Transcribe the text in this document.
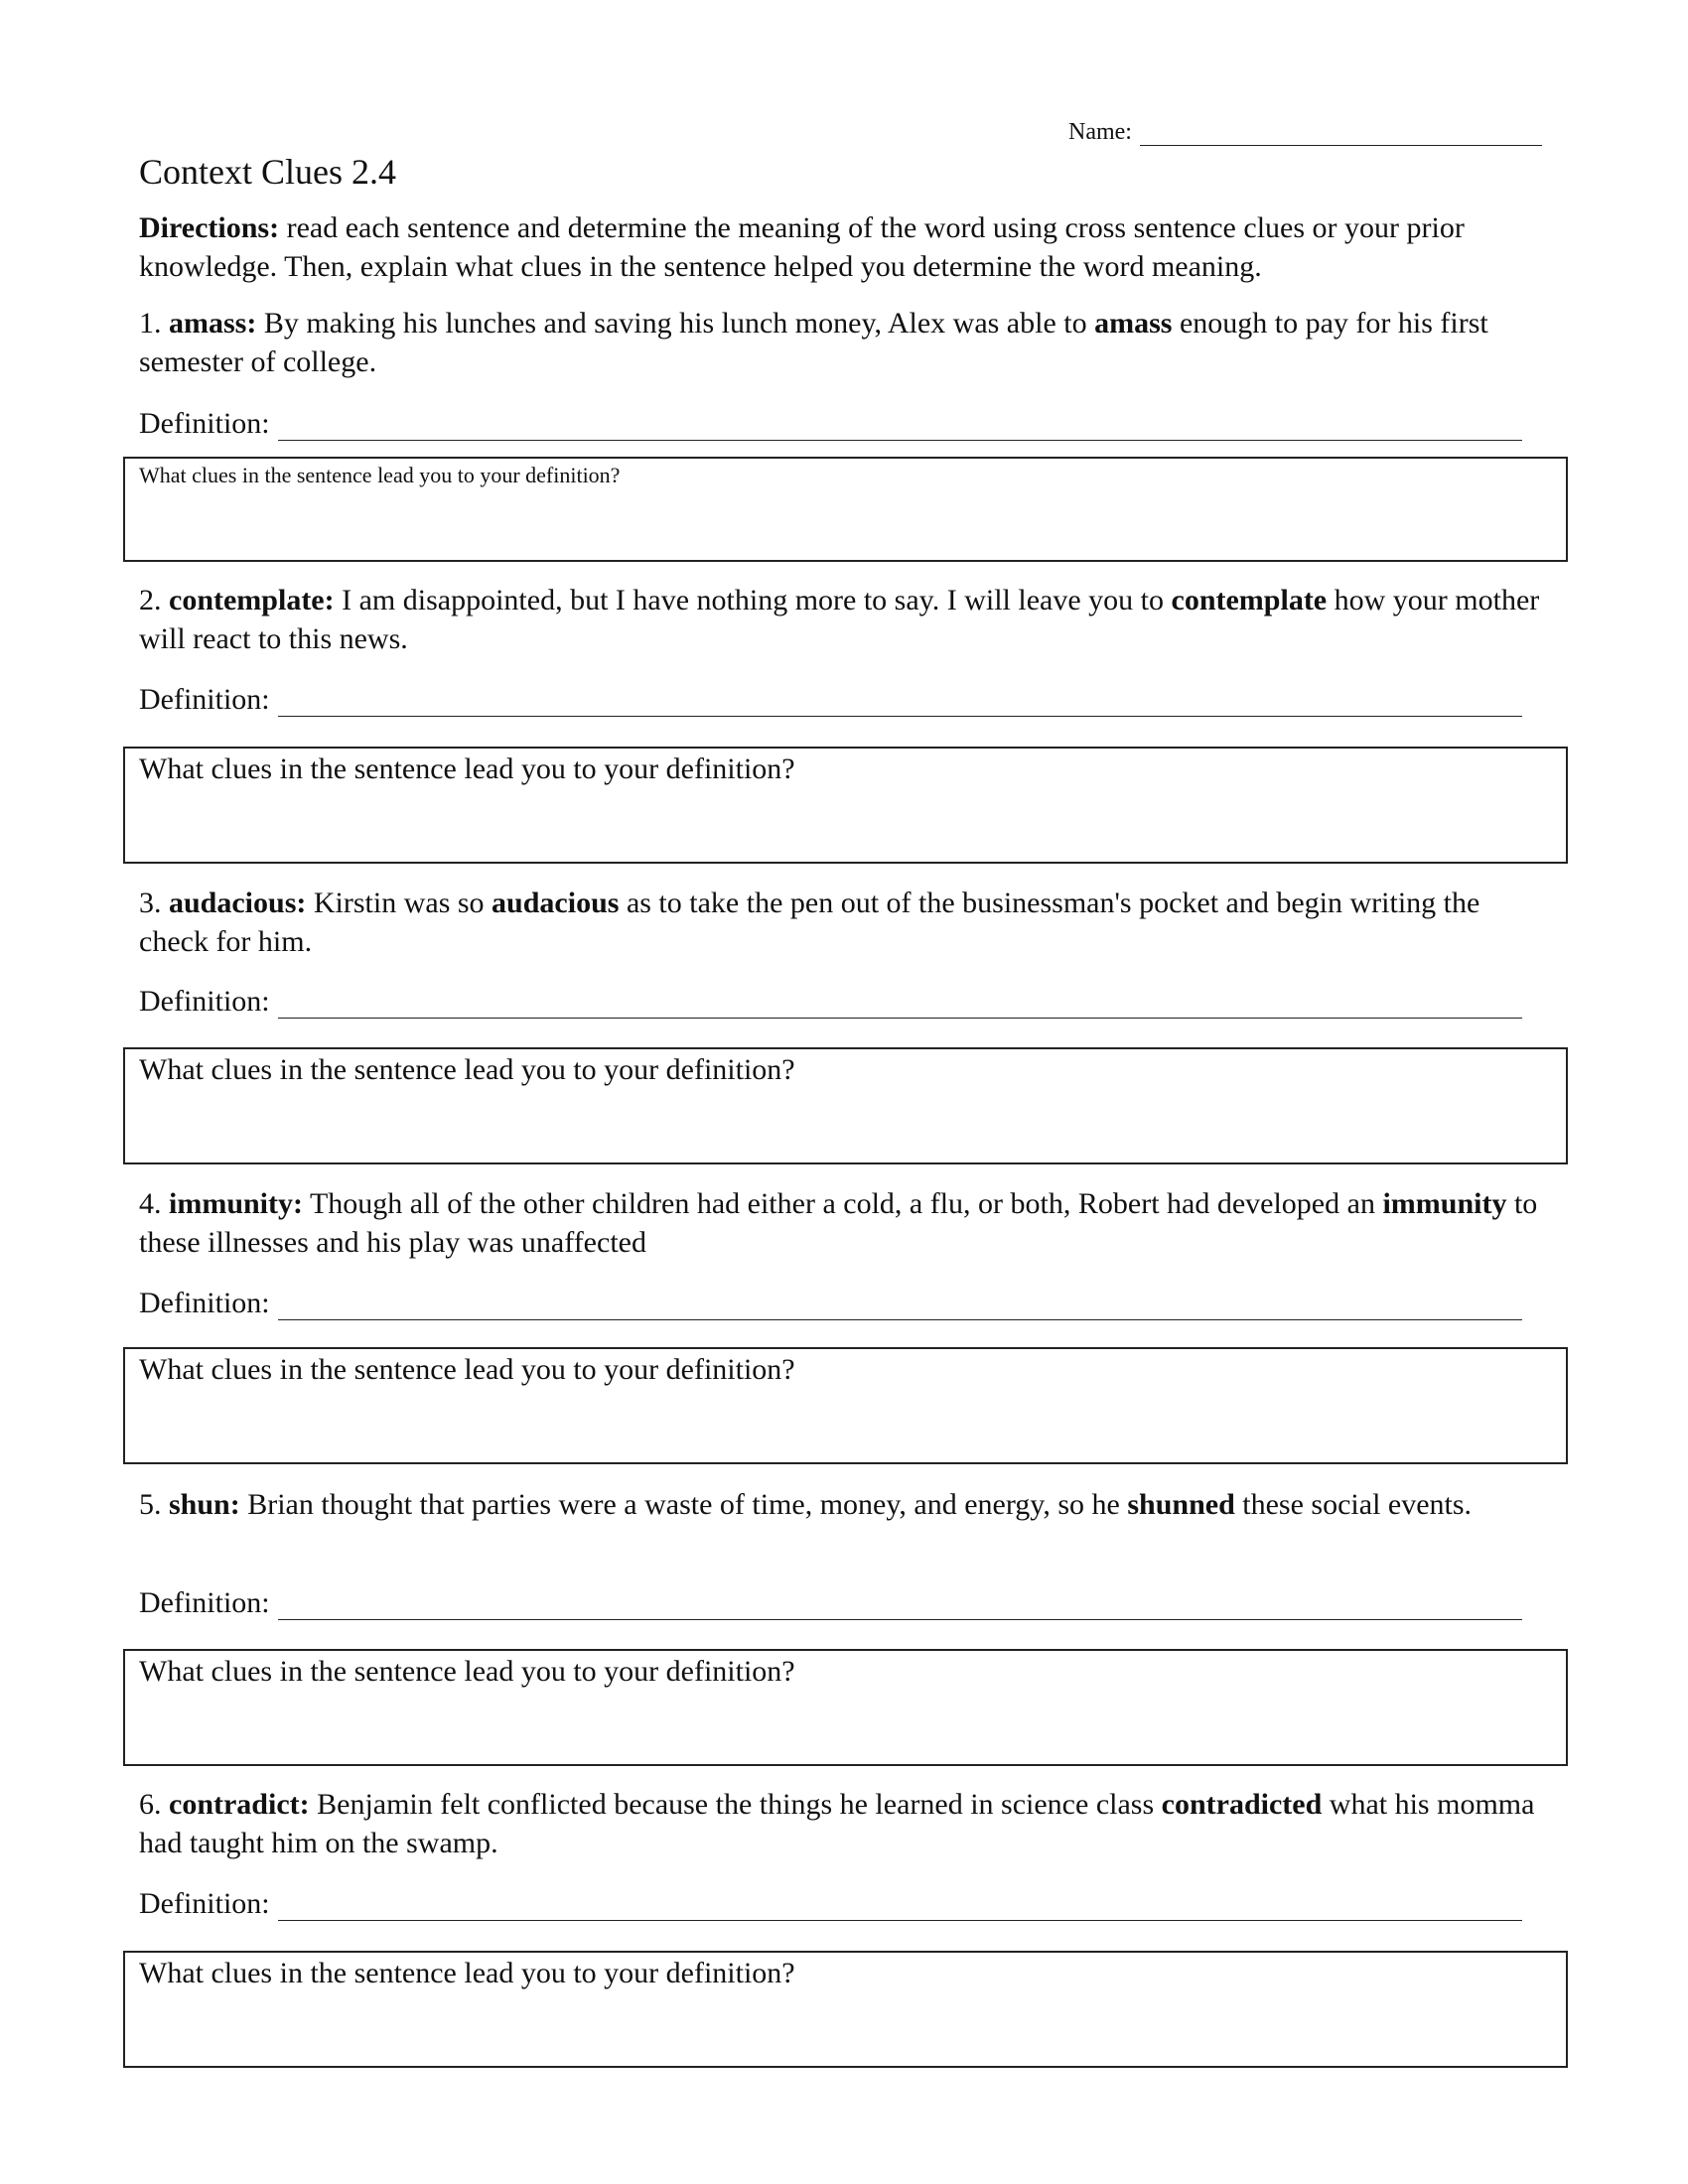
Name:
Context Clues 2.4
Directions: read each sentence and determine the meaning of the word using cross sentence clues or your prior knowledge. Then, explain what clues in the sentence helped you determine the word meaning.
1. amass: By making his lunches and saving his lunch money, Alex was able to amass enough to pay for his first semester of college.
Definition:
What clues in the sentence lead you to your definition?
2. contemplate: I am disappointed, but I have nothing more to say. I will leave you to contemplate how your mother will react to this news.
Definition:
What clues in the sentence lead you to your definition?
3. audacious: Kirstin was so audacious as to take the pen out of the businessman's pocket and begin writing the check for him.
Definition:
What clues in the sentence lead you to your definition?
4. immunity: Though all of the other children had either a cold, a flu, or both, Robert had developed an immunity to these illnesses and his play was unaffected
Definition:
What clues in the sentence lead you to your definition?
5. shun: Brian thought that parties were a waste of time, money, and energy, so he shunned these social events.
Definition:
What clues in the sentence lead you to your definition?
6. contradict: Benjamin felt conflicted because the things he learned in science class contradicted what his momma had taught him on the swamp.
Definition:
What clues in the sentence lead you to your definition?
